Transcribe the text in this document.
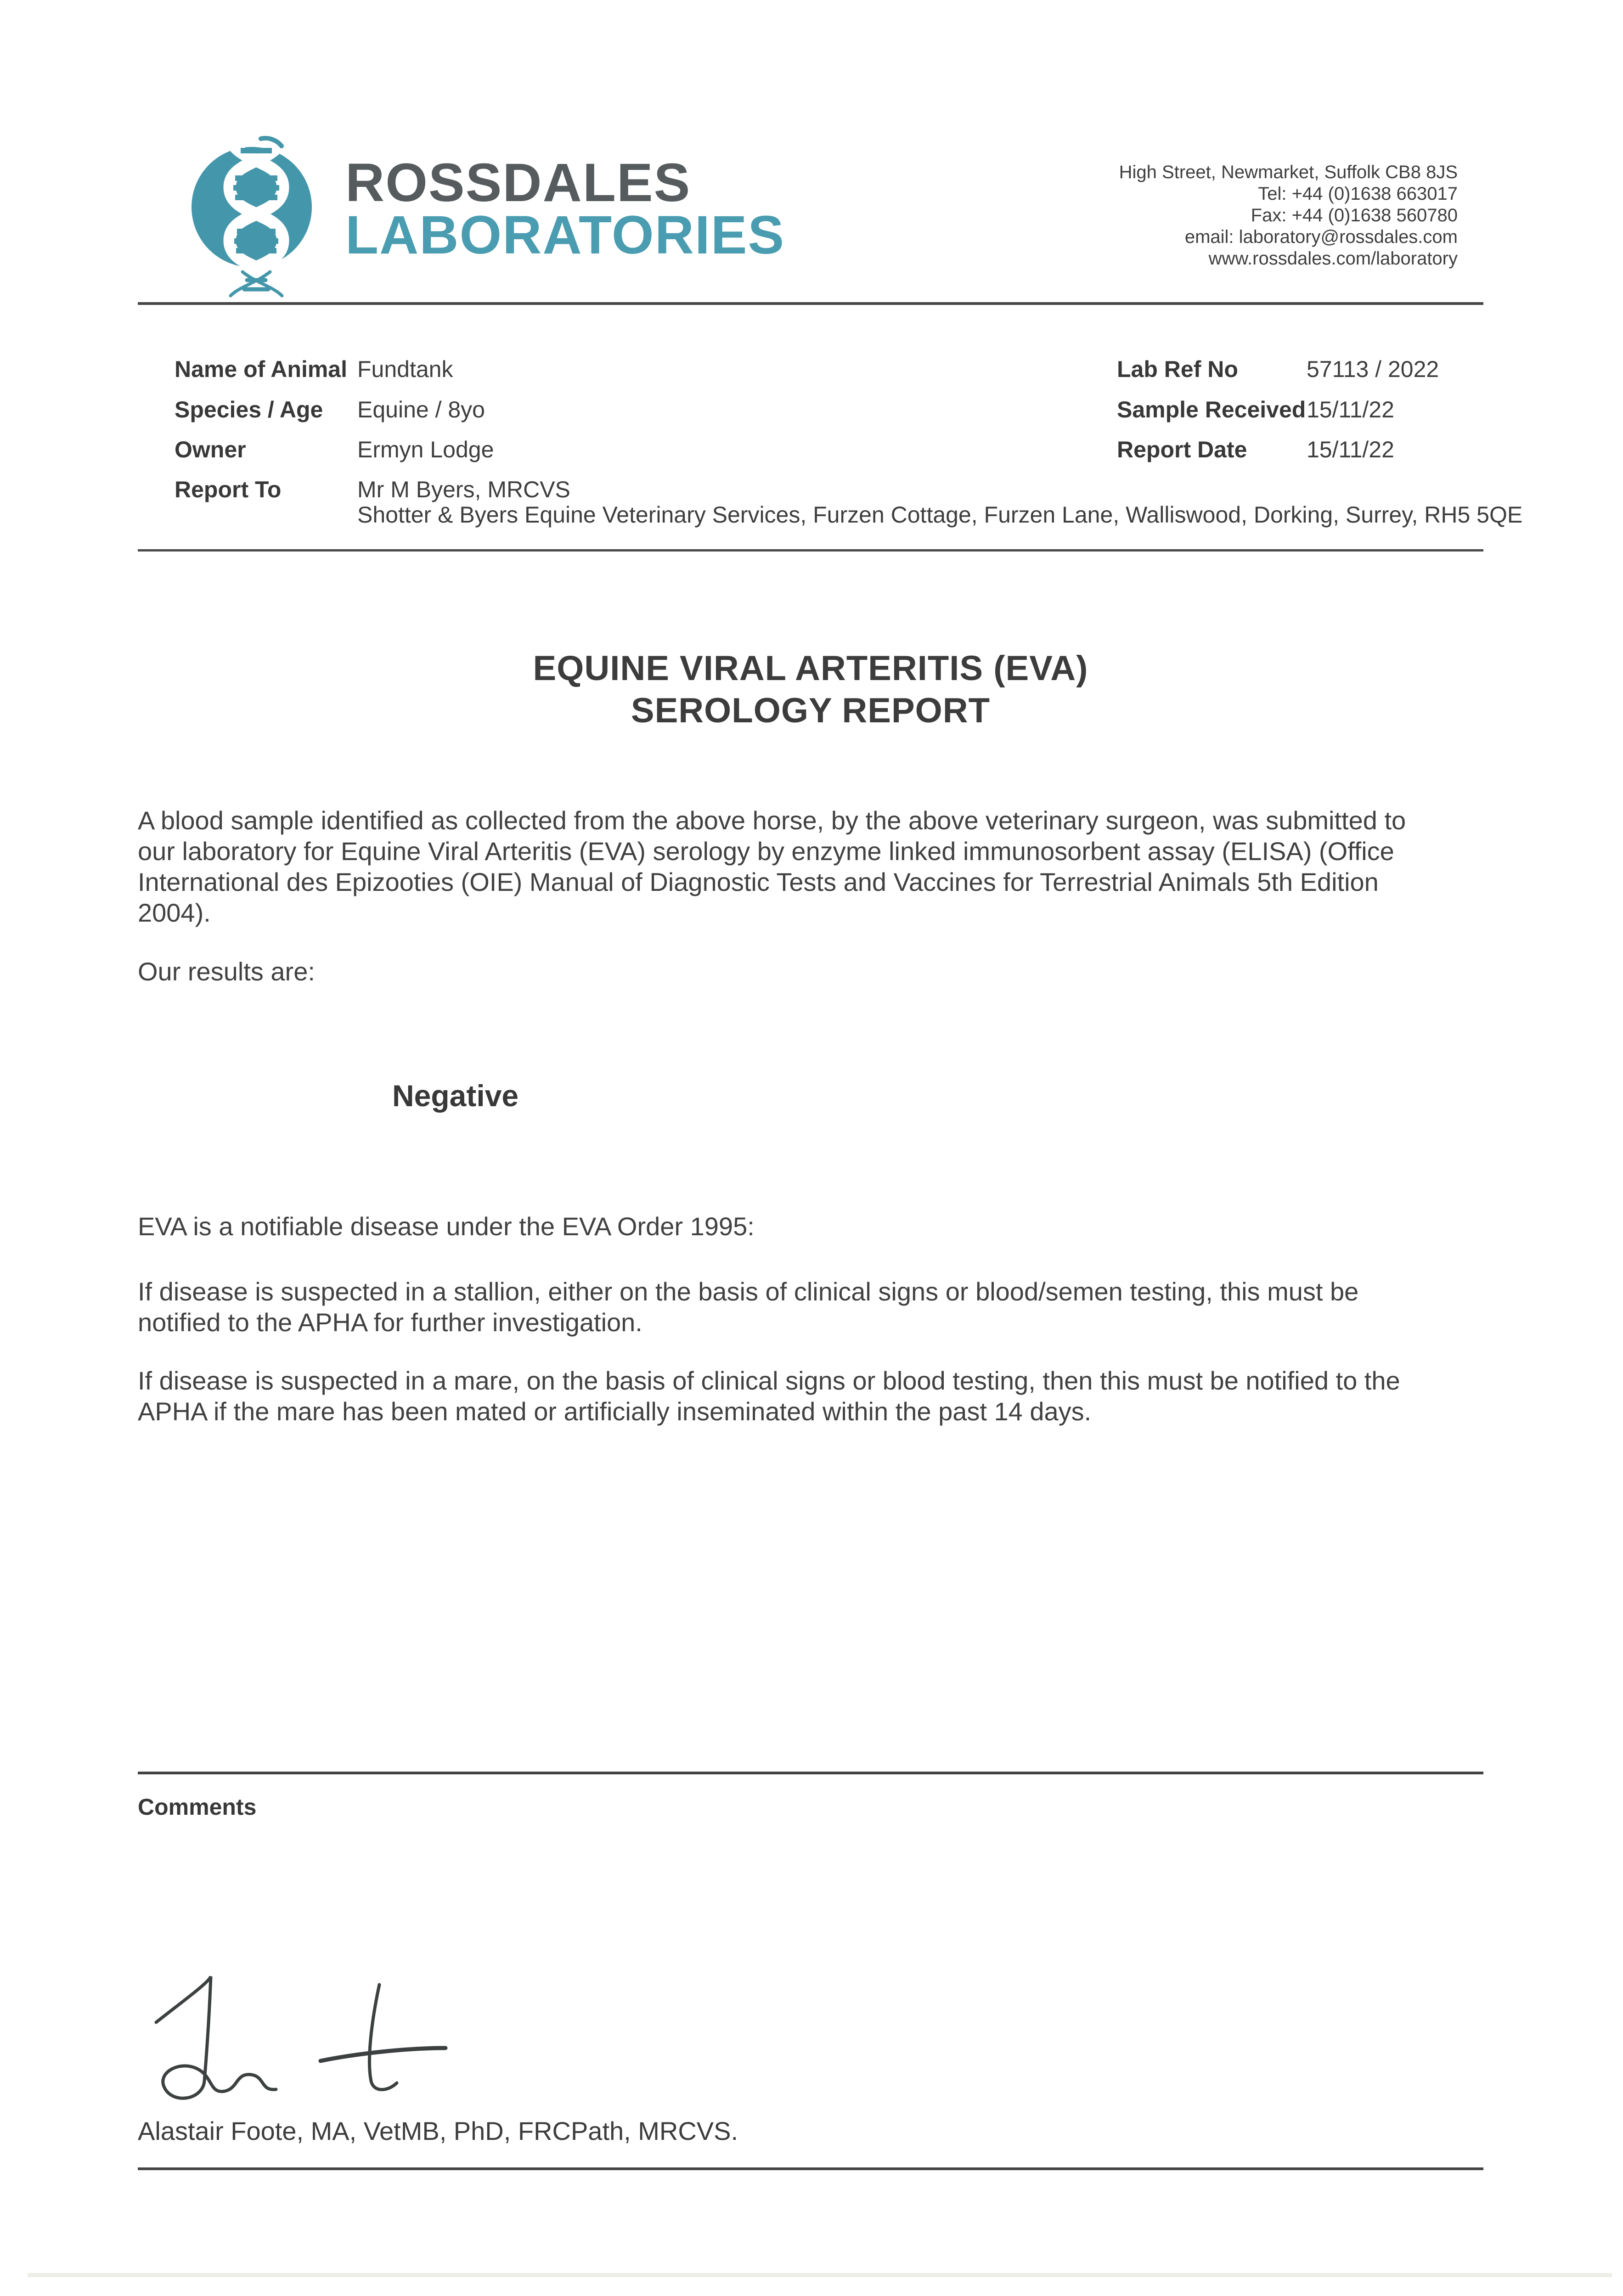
ROSSDALES
LABORATORIES
High Street, Newmarket, Suffolk CB8 8JS
Tel: +44 (0)1638 663017
Fax: +44 (0)1638 560780
email: laboratory@rossdales.com
www.rossdales.com/laboratory
Name of Animal Fundtank
Species / Age Equine / 8yo
Owner	Ermyn Lodge
Report To	Mr M Byers, MRCVS
Shotter & Byers Equine Veterinary Services, Furzen Cottage, Furzen Lane, Walliswood, Dorking, Surrey, RH5 5QE
Lab Ref No	57113 / 2022
Sample Received 15/11/22
Report Date	15/11/22
EQUINE VIRAL ARTERITIS (EVA)
SEROLOGY REPORT
A blood sample identified as collected from the above horse, by the above veterinary surgeon, was submitted to
our laboratory for Equine Viral Arteritis (EVA) serology by enzyme linked immunosorbent assay (ELISA) (Office
International des Epizooties (OIE) Manual of Diagnostic Tests and Vaccines for Terrestrial Animals 5th Edition
2004).
Our results are:
Negative
EVA is a notifiable disease under the EVA Order 1995:
If disease is suspected in a stallion, either on the basis of clinical signs or blood/semen testing, this must be
notified to the APHA for further investigation.
If disease is suspected in a mare, on the basis of clinical signs or blood testing, then this must be notified to the
APHA if the mare has been mated or artificially inseminated within the past 14 days.
Comments
Alastair Foote, MA, VetMB, PhD, FRCPath, MRCVS.
